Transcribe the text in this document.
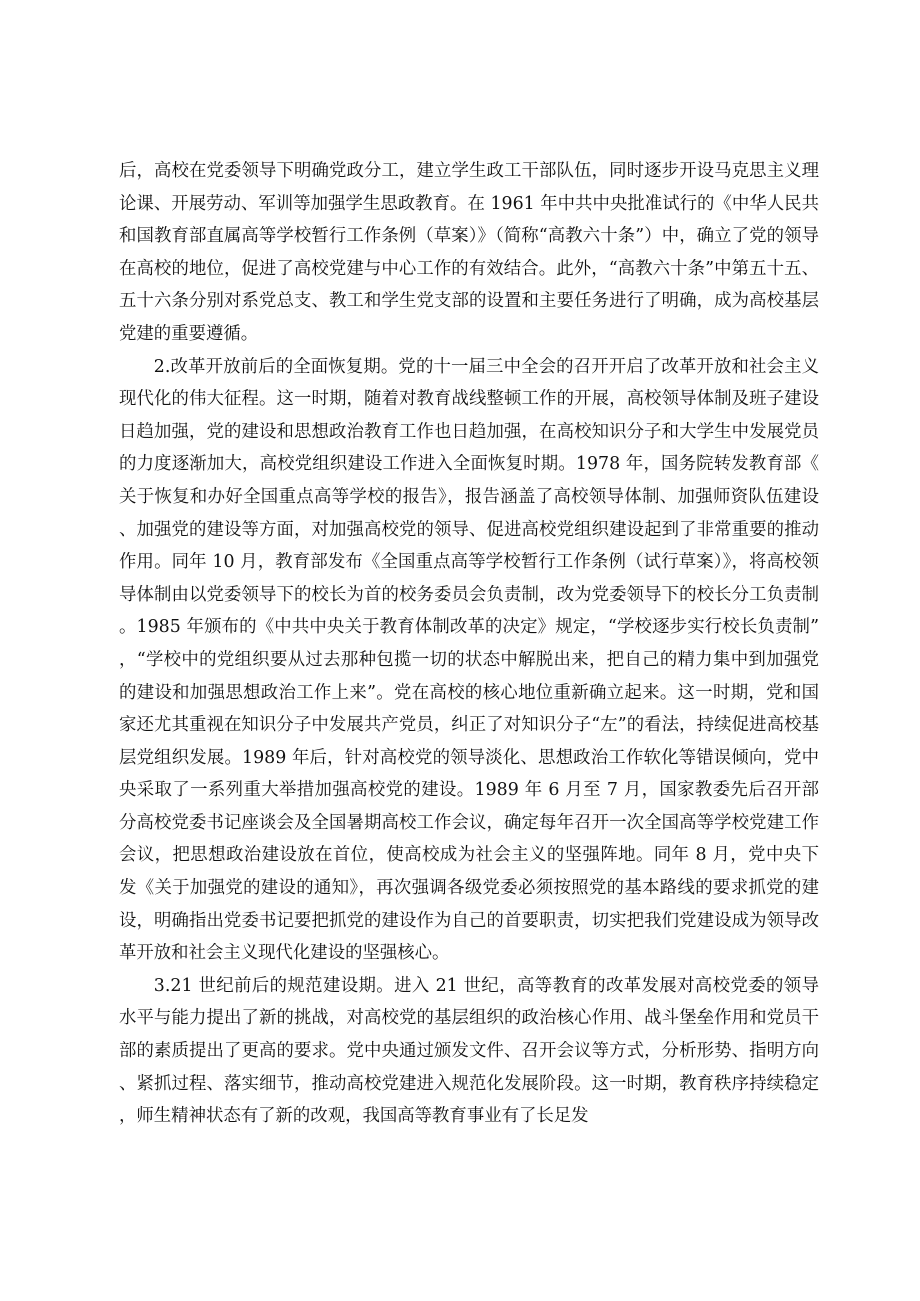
后，高校在党委领导下明确党政分工，建立学生政工干部队伍，同时逐步开设马克思主义理论课、开展劳动、军训等加强学生思政教育。在 1961 年中共中央批准试行的《中华人民共和国教育部直属高等学校暂行工作条例（草案）》（简称“高教六十条”）中，确立了党的领导在高校的地位，促进了高校党建与中心工作的有效结合。此外，“高教六十条”中第五十五、五十六条分别对系党总支、教工和学生党支部的设置和主要任务进行了明确，成为高校基层党建的重要遵循。

2.改革开放前后的全面恢复期。党的十一届三中全会的召开开启了改革开放和社会主义现代化的伟大征程。这一时期，随着对教育战线整顿工作的开展，高校领导体制及班子建设日趋加强，党的建设和思想政治教育工作也日趋加强，在高校知识分子和大学生中发展党员的力度逐渐加大，高校党组织建设工作进入全面恢复时期。1978 年，国务院转发教育部《关于恢复和办好全国重点高等学校的报告》，报告涵盖了高校领导体制、加强师资队伍建设、加强党的建设等方面，对加强高校党的领导、促进高校党组织建设起到了非常重要的推动作用。同年 10 月，教育部发布《全国重点高等学校暂行工作条例（试行草案）》，将高校领导体制由以党委领导下的校长为首的校务委员会负责制，改为党委领导下的校长分工负责制。1985 年颁布的《中共中央关于教育体制改革的决定》规定，“学校逐步实行校长负责制”，“学校中的党组织要从过去那种包揽一切的状态中解脱出来，把自己的精力集中到加强党的建设和加强思想政治工作上来”。党在高校的核心地位重新确立起来。这一时期，党和国家还尤其重视在知识分子中发展共产党员，纠正了对知识分子“左”的看法，持续促进高校基层党组织发展。1989 年后，针对高校党的领导淡化、思想政治工作软化等错误倾向，党中央采取了一系列重大举措加强高校党的建设。1989 年 6 月至 7 月，国家教委先后召开部分高校党委书记座谈会及全国暑期高校工作会议，确定每年召开一次全国高等学校党建工作会议，把思想政治建设放在首位，使高校成为社会主义的坚强阵地。同年 8 月，党中央下发《关于加强党的建设的通知》，再次强调各级党委必须按照党的基本路线的要求抓党的建设，明确指出党委书记要把抓党的建设作为自己的首要职责，切实把我们党建设成为领导改革开放和社会主义现代化建设的坚强核心。

3.21 世纪前后的规范建设期。进入 21 世纪，高等教育的改革发展对高校党委的领导水平与能力提出了新的挑战，对高校党的基层组织的政治核心作用、战斗堡垒作用和党员干部的素质提出了更高的要求。党中央通过颁发文件、召开会议等方式，分析形势、指明方向、紧抓过程、落实细节，推动高校党建进入规范化发展阶段。这一时期，教育秩序持续稳定，师生精神状态有了新的改观，我国高等教育事业有了长足发
